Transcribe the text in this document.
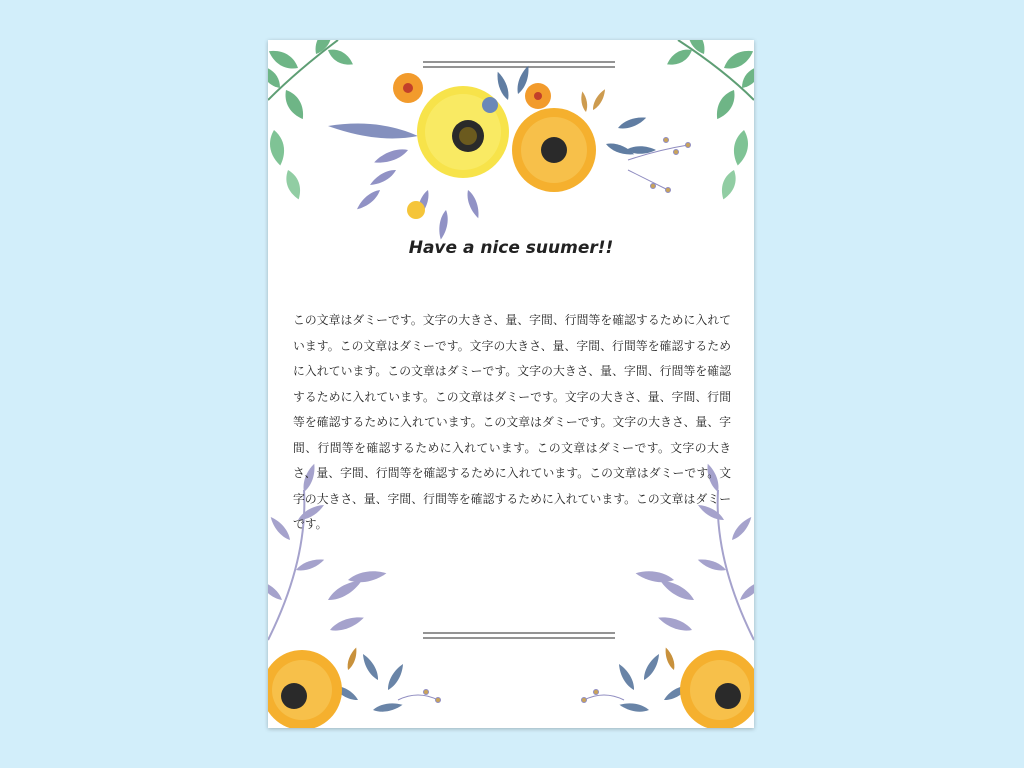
Have a nice suumer!!

この文章はダミーです。文字の大きさ、量、字間、行間等を確認するために入れています。この文章はダミーです。文字の大きさ、量、字間、行間等を確認するために入れています。この文章はダミーです。文字の大きさ、量、字間、行間等を確認するために入れています。この文章はダミーです。文字の大きさ、量、字間、行間等を確認するために入れています。この文章はダミーです。文字の大きさ、量、字間、行間等を確認するために入れています。この文章はダミーです。文字の大きさ、量、字間、行間等を確認するために入れています。この文章はダミーです。文字の大きさ、量、字間、行間等を確認するために入れています。この文章はダミーです。
